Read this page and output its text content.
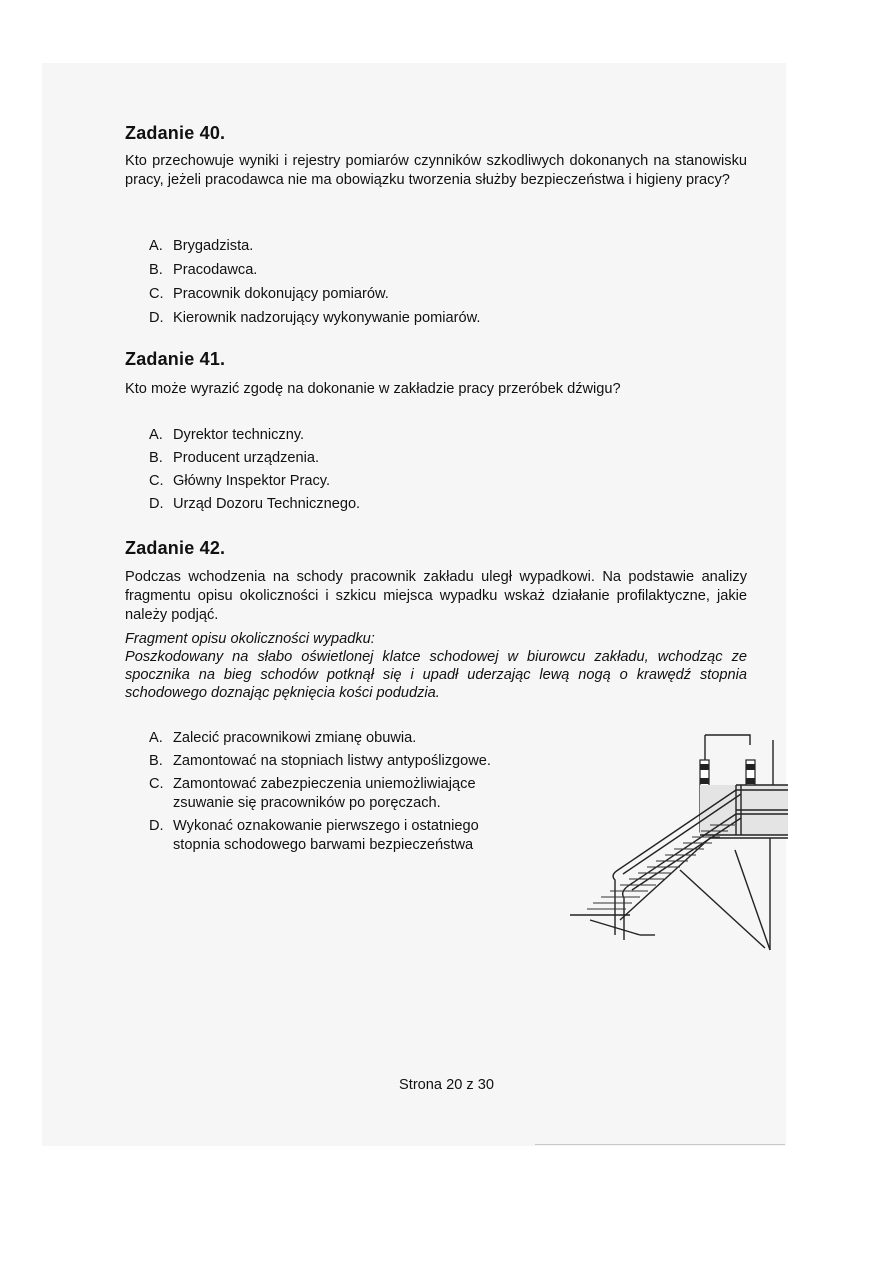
Zadanie 40.
Kto przechowuje wyniki i rejestry pomiarów czynników szkodliwych dokonanych na stanowisku pracy, jeżeli pracodawca nie ma obowiązku tworzenia służby bezpieczeństwa i higieny pracy?
A. Brygadzista.
B. Pracodawca.
C. Pracownik dokonujący pomiarów.
D. Kierownik nadzorujący wykonywanie pomiarów.
Zadanie 41.
Kto może wyrazić zgodę na dokonanie w zakładzie pracy przeróbek dźwigu?
A. Dyrektor techniczny.
B. Producent urządzenia.
C. Główny Inspektor Pracy.
D. Urząd Dozoru Technicznego.
Zadanie 42.
Podczas wchodzenia na schody pracownik zakładu uległ wypadkowi. Na podstawie analizy fragmentu opisu okoliczności i szkicu miejsca wypadku wskaż działanie profilaktyczne, jakie należy podjąć.
Fragment opisu okoliczności wypadku:
Poszkodowany na słabo oświetlonej klatce schodowej w biurowcu zakładu, wchodząc ze spocznika na bieg schodów potknął się i upadł uderzając lewą nogą o krawędź stopnia schodowego doznając pęknięcia kości podudzia.
A. Zalecić pracownikowi zmianę obuwia.
B. Zamontować na stopniach listwy antypoślizgowe.
C. Zamontować zabezpieczenia uniemożliwiające zsuwanie się pracowników po poręczach.
D. Wykonać oznakowanie pierwszego i ostatniego stopnia schodowego barwami bezpieczeństwa
Strona 20 z 30
